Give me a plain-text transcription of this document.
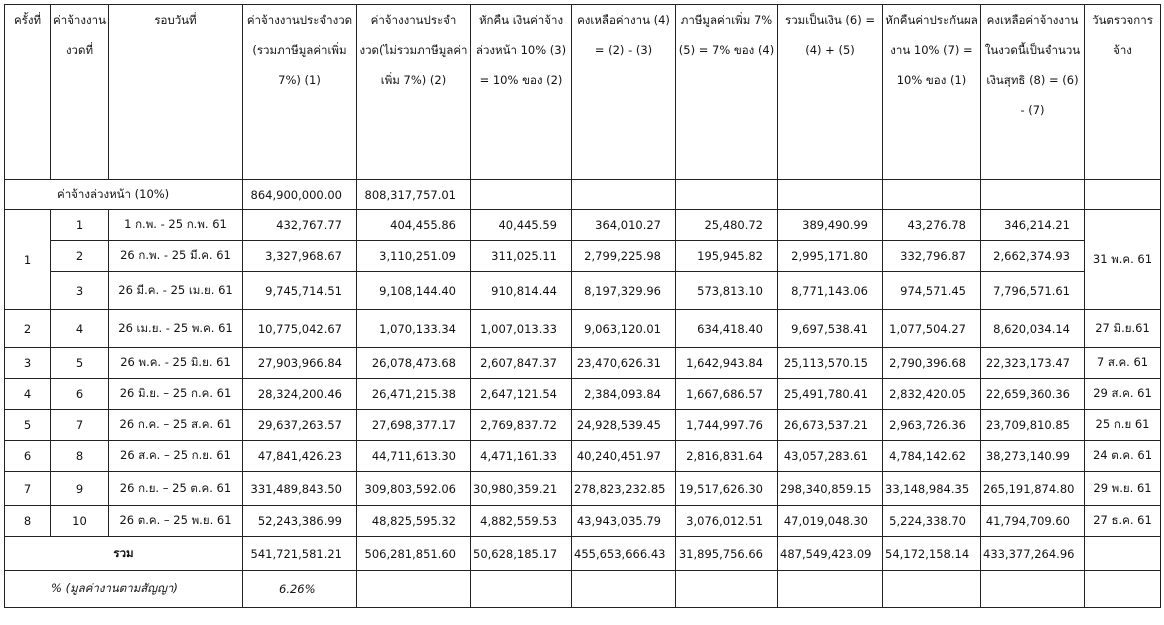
ครั้งที่	ค่าจ้างงานงวดที่	รอบวันที่	ค่าจ้างงานประจำงวด (รวมภาษีมูลค่าเพิ่ม 7%) (1)	ค่าจ้างงานประจำงวด(ไม่รวมภาษีมูลค่าเพิ่ม 7%) (2)	หักคืน เงินค่าจ้างล่วงหน้า 10% (3) = 10% ของ (2)	คงเหลือค่างาน (4) = (2) - (3)	ภาษีมูลค่าเพิ่ม 7% (5) = 7% ของ (4)	รวมเป็นเงิน (6) = (4) + (5)	หักคืนค่าประกันผลงาน 10% (7) = 10% ของ (1)	คงเหลือค่าจ้างงานในงวดนี้เป็นจำนวนเงินสุทธิ (8) = (6) - (7)	วันตรวจการจ้าง
ค่าจ้างล่วงหน้า (10%)			864,900,000.00	808,317,757.01							
1	1	1 ก.พ. - 25 ก.พ. 61	432,767.77	404,455.86	40,445.59	364,010.27	25,480.72	389,490.99	43,276.78	346,214.21	31 พ.ค. 61
	2	26 ก.พ. - 25 มี.ค. 61	3,327,968.67	3,110,251.09	311,025.11	2,799,225.98	195,945.82	2,995,171.80	332,796.87	2,662,374.93	
	3	26 มี.ค. - 25 เม.ย. 61	9,745,714.51	9,108,144.40	910,814.44	8,197,329.96	573,813.10	8,771,143.06	974,571.45	7,796,571.61	
2	4	26 เม.ย. - 25 พ.ค. 61	10,775,042.67	1,070,133.34	1,007,013.33	9,063,120.01	634,418.40	9,697,538.41	1,077,504.27	8,620,034.14	27 มิ.ย.61
3	5	26 พ.ค. - 25 มิ.ย. 61	27,903,966.84	26,078,473.68	2,607,847.37	23,470,626.31	1,642,943.84	25,113,570.15	2,790,396.68	22,323,173.47	7 ส.ค. 61
4	6	26 มิ.ย. – 25 ก.ค. 61	28,324,200.46	26,471,215.38	2,647,121.54	2,384,093.84	1,667,686.57	25,491,780.41	2,832,420.05	22,659,360.36	29 ส.ค. 61
5	7	26 ก.ค. – 25 ส.ค. 61	29,637,263.57	27,698,377.17	2,769,837.72	24,928,539.45	1,744,997.76	26,673,537.21	2,963,726.36	23,709,810.85	25 ก.ย 61
6	8	26 ส.ค. – 25 ก.ย. 61	47,841,426.23	44,711,613.30	4,471,161.33	40,240,451.97	2,816,831.64	43,057,283.61	4,784,142.62	38,273,140.99	24 ต.ค. 61
7	9	26 ก.ย. – 25 ต.ค. 61	331,489,843.50	309,803,592.06	30,980,359.21	278,823,232.85	19,517,626.30	298,340,859.15	33,148,984.35	265,191,874.80	29 พ.ย. 61
8	10	26 ต.ค. – 25 พ.ย. 61	52,243,386.99	48,825,595.32	4,882,559.53	43,943,035.79	3,076,012.51	47,019,048.30	5,224,338.70	41,794,709.60	27 ธ.ค. 61
รวม			541,721,581.21	506,281,851.60	50,628,185.17	455,653,666.43	31,895,756.66	487,549,423.09	54,172,158.14	433,377,264.96	
% (มูลค่างานตามสัญญา)			6.26%								
